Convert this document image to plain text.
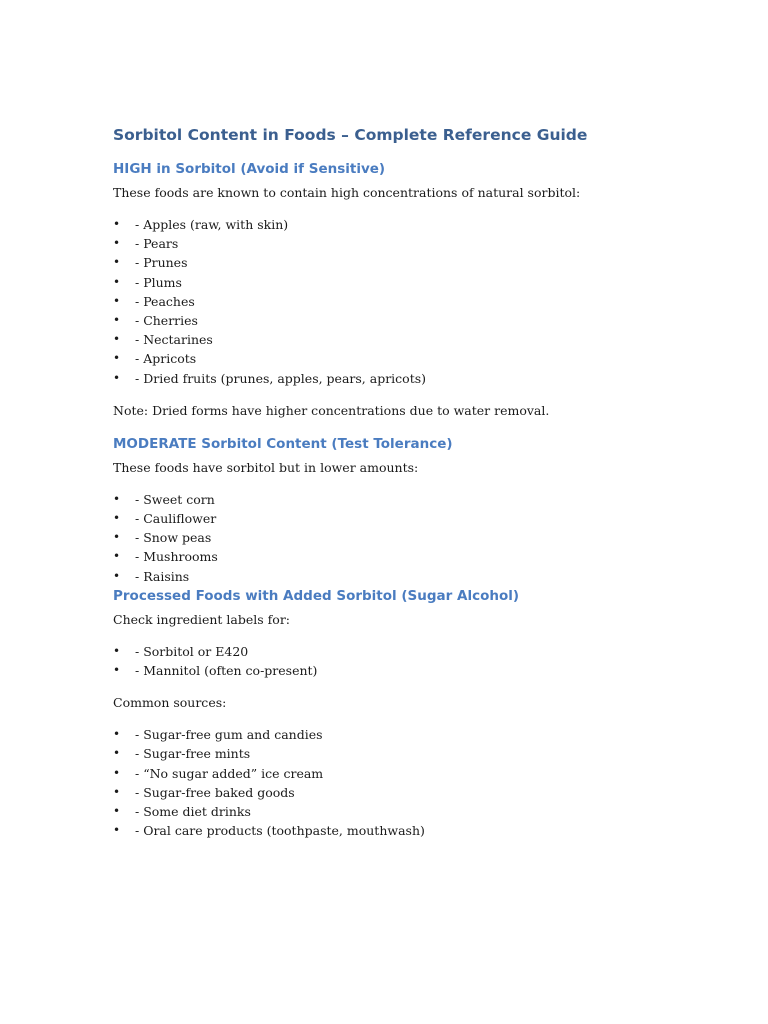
Sorbitol Content in Foods – Complete Reference Guide
HIGH in Sorbitol (Avoid if Sensitive)

These foods are known to contain high concentrations of natural sorbitol:

• - Apples (raw, with skin)
• - Pears
• - Prunes
• - Plums
• - Peaches
• - Cherries
• - Nectarines
• - Apricots
• - Dried fruits (prunes, apples, pears, apricots)

Note: Dried forms have higher concentrations due to water removal.

MODERATE Sorbitol Content (Test Tolerance)

These foods have sorbitol but in lower amounts:

• - Sweet corn
• - Cauliflower
• - Snow peas
• - Mushrooms
• - Raisins
Processed Foods with Added Sorbitol (Sugar Alcohol)

Check ingredient labels for:

• - Sorbitol or E420
• - Mannitol (often co-present)

Common sources:

• - Sugar-free gum and candies
• - Sugar-free mints
• - “No sugar added” ice cream
• - Sugar-free baked goods
• - Some diet drinks
• - Oral care products (toothpaste, mouthwash)
